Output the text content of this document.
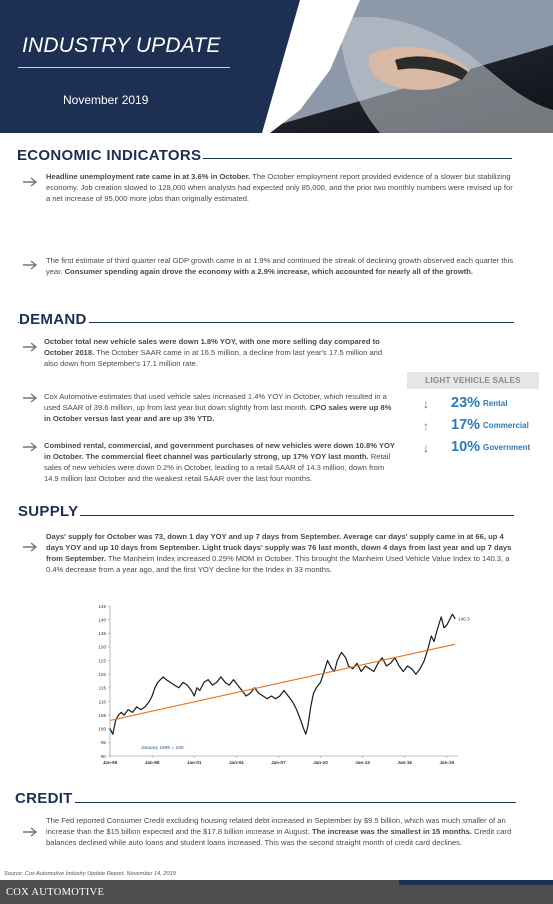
INDUSTRY UPDATE
November 2019
ECONOMIC INDICATORS
Headline unemployment rate came in at 3.6% in October. The October employment report provided evidence of a slower but stabilizing economy. Job creation slowed to 128,000 when analysts had expected only 85,000, and the prior two monthly numbers were revised up for a net increase of 95,000 more jobs than originally estimated.
The first estimate of third quarter real GDP growth came in at 1.9% and continued the streak of declining growth observed each quarter this year. Consumer spending again drove the economy with a 2.9% increase, which accounted for nearly all of the growth.
DEMAND
October total new vehicle sales were down 1.8% YOY, with one more selling day compared to October 2018. The October SAAR came in at 16.5 million, a decline from last year's 17.5 million and also down from September's 17.1 million rate.
Cox Automotive estimates that used vehicle sales increased 1.4% YOY in October, which resulted in a used SAAR of 39.6 million, up from last year but down slightly from last month. CPO sales were up 8% in October versus last year and are up 3% YTD.
Combined rental, commercial, and government purchases of new vehicles were down 10.8% YOY in October. The commercial fleet channel was particularly strong, up 17% YOY last month. Retail sales of new vehicles were down 0.2% in October, leading to a retail SAAR of 14.3 million, down from 14.9 million last October and the weakest retail SAAR over the last four months.
LIGHT VEHICLE SALES
↓ 23% Rental
↑ 17% Commercial
↓ 10% Government
SUPPLY
Days' supply for October was 73, down 1 day YOY and up 7 days from September. Average car days' supply came in at 66, up 4 days YOY and up 10 days from September. Light truck days' supply was 76 last month, down 4 days from last year and up 7 days from September. The Manheim Index increased 0.29% MOM in October. This brought the Manheim Used Vehicle Value Index to 140.3, a 0.4% decrease from a year ago, and the first YOY decline for the Index in 33 months.
90
95
100
105
110
115
120
125
130
135
140
145
Jan-95	Jan-98	Jan-01	Jan-04	Jan-07	Jan-10	Jan-13	Jan-16	Jan-19
140.3
January 1995 = 100
CREDIT
The Fed reported Consumer Credit excluding housing related debt increased in September by $9.5 billion, which was much smaller of an increase than the $15 billion expected and the $17.8 billion increase in August. The increase was the smallest in 15 months. Credit card balances declined while auto loans and student loans increased. This was the second straight month of credit card declines.
Source: Cox Automotive Industry Update Report, November 14, 2019
COX AUTOMOTIVE
